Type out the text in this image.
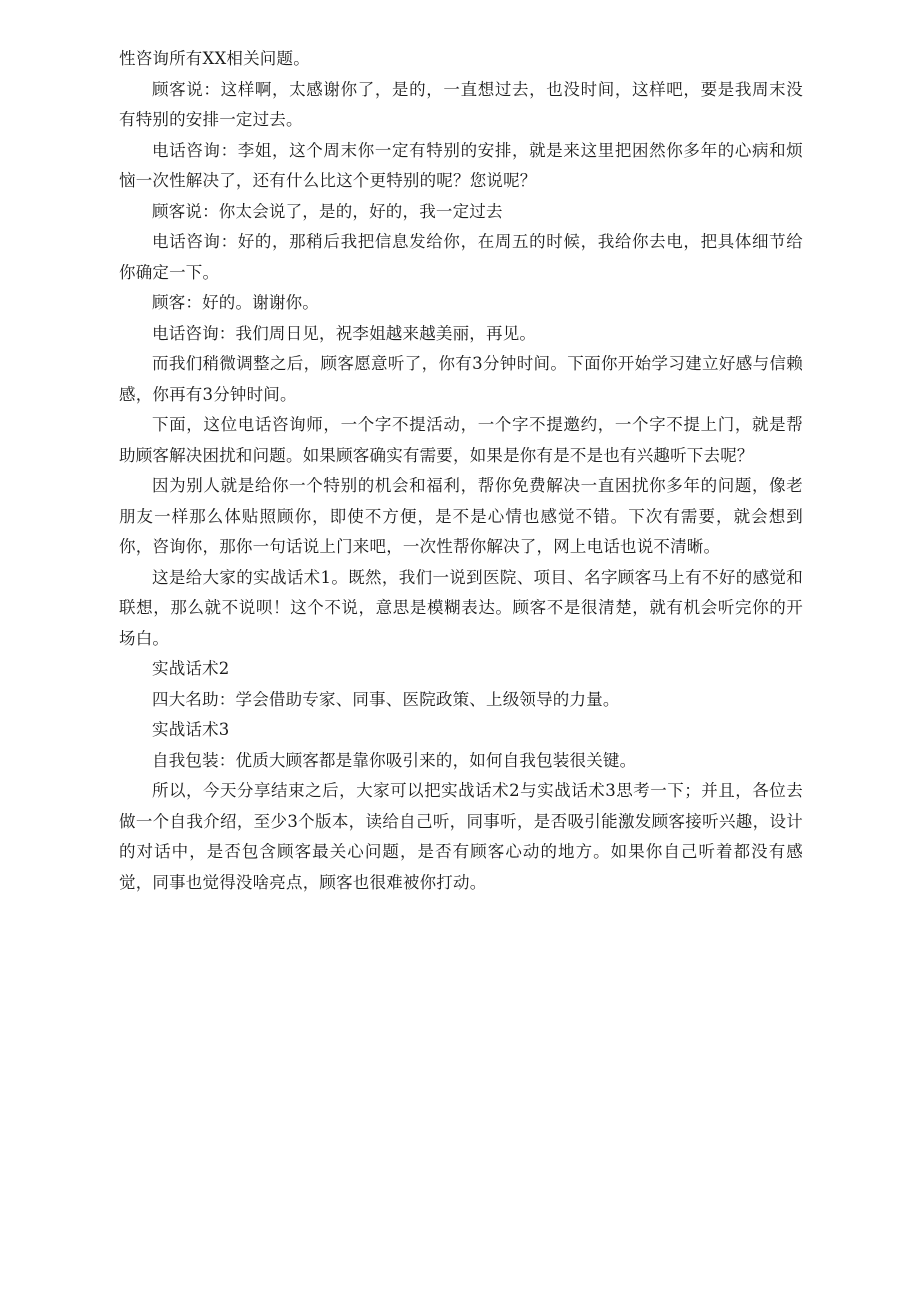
性咨询所有XX相关问题。

顾客说：这样啊，太感谢你了，是的，一直想过去，也没时间，这样吧，要是我周末没有特别的安排一定过去。

电话咨询：李姐，这个周末你一定有特别的安排，就是来这里把困然你多年的心病和烦恼一次性解决了，还有什么比这个更特别的呢？您说呢？

顾客说：你太会说了，是的，好的，我一定过去

电话咨询：好的，那稍后我把信息发给你，在周五的时候，我给你去电，把具体细节给你确定一下。

顾客：好的。谢谢你。

电话咨询：我们周日见，祝李姐越来越美丽，再见。

而我们稍微调整之后，顾客愿意听了，你有3分钟时间。下面你开始学习建立好感与信赖感，你再有3分钟时间。

下面，这位电话咨询师，一个字不提活动，一个字不提邀约，一个字不提上门，就是帮助顾客解决困扰和问题。如果顾客确实有需要，如果是你有是不是也有兴趣听下去呢？

因为别人就是给你一个特别的机会和福利，帮你免费解决一直困扰你多年的问题，像老朋友一样那么体贴照顾你，即使不方便，是不是心情也感觉不错。下次有需要，就会想到你，咨询你，那你一句话说上门来吧，一次性帮你解决了，网上电话也说不清晰。

这是给大家的实战话术1。既然，我们一说到医院、项目、名字顾客马上有不好的感觉和联想，那么就不说呗！这个不说，意思是模糊表达。顾客不是很清楚，就有机会听完你的开场白。

实战话术2

四大名助：学会借助专家、同事、医院政策、上级领导的力量。

实战话术3

自我包装：优质大顾客都是靠你吸引来的，如何自我包装很关键。

所以，今天分享结束之后，大家可以把实战话术2与实战话术3思考一下；并且，各位去做一个自我介绍，至少3个版本，读给自己听，同事听，是否吸引能激发顾客接听兴趣，设计的对话中，是否包含顾客最关心问题，是否有顾客心动的地方。如果你自己听着都没有感觉，同事也觉得没啥亮点，顾客也很难被你打动。
